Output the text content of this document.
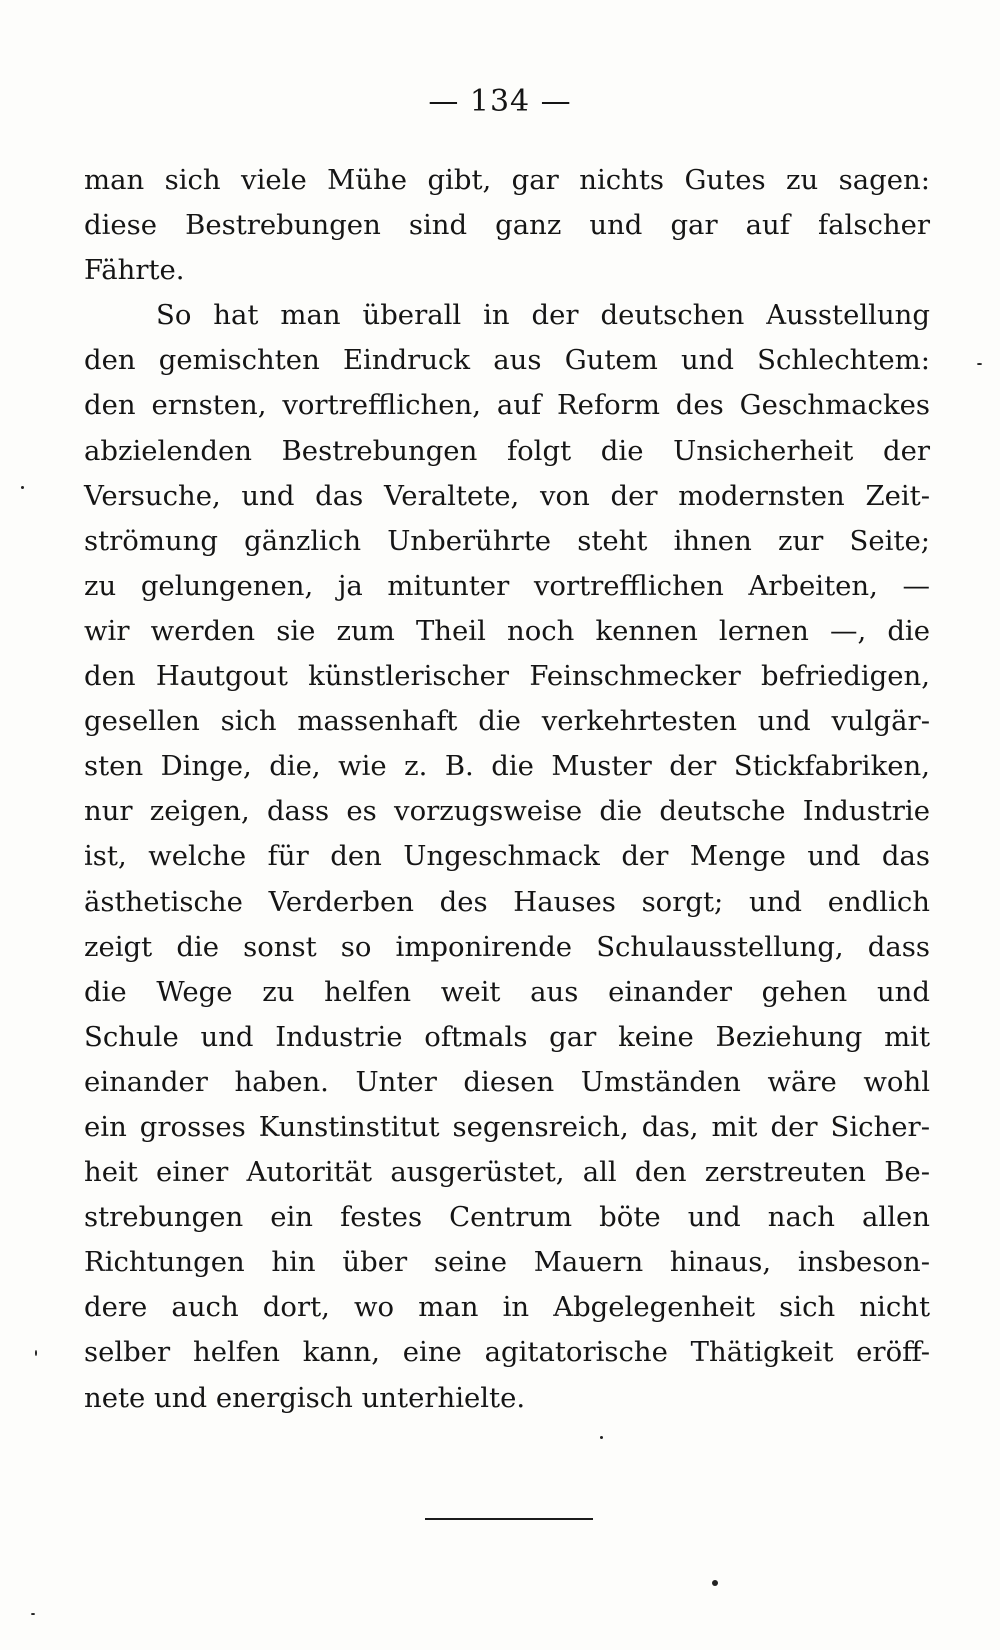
— 134 —
man sich viele Mühe gibt, gar nichts Gutes zu sagen:
diese Bestrebungen sind ganz und gar auf falscher
Fährte.
So hat man überall in der deutschen Ausstellung
den gemischten Eindruck aus Gutem und Schlechtem:
den ernsten, vortrefflichen, auf Reform des Geschmackes
abzielenden Bestrebungen folgt die Unsicherheit der
Versuche, und das Veraltete, von der modernsten Zeit-
strömung gänzlich Unberührte steht ihnen zur Seite;
zu gelungenen, ja mitunter vortrefflichen Arbeiten, —
wir werden sie zum Theil noch kennen lernen —, die
den Hautgout künstlerischer Feinschmecker befriedigen,
gesellen sich massenhaft die verkehrtesten und vulgär-
sten Dinge, die, wie z. B. die Muster der Stickfabriken,
nur zeigen, dass es vorzugsweise die deutsche Industrie
ist, welche für den Ungeschmack der Menge und das
ästhetische Verderben des Hauses sorgt; und endlich
zeigt die sonst so imponirende Schulausstellung, dass
die Wege zu helfen weit aus einander gehen und
Schule und Industrie oftmals gar keine Beziehung mit
einander haben. Unter diesen Umständen wäre wohl
ein grosses Kunstinstitut segensreich, das, mit der Sicher-
heit einer Autorität ausgerüstet, all den zerstreuten Be-
strebungen ein festes Centrum böte und nach allen
Richtungen hin über seine Mauern hinaus, insbeson-
dere auch dort, wo man in Abgelegenheit sich nicht
selber helfen kann, eine agitatorische Thätigkeit eröff-
nete und energisch unterhielte.
